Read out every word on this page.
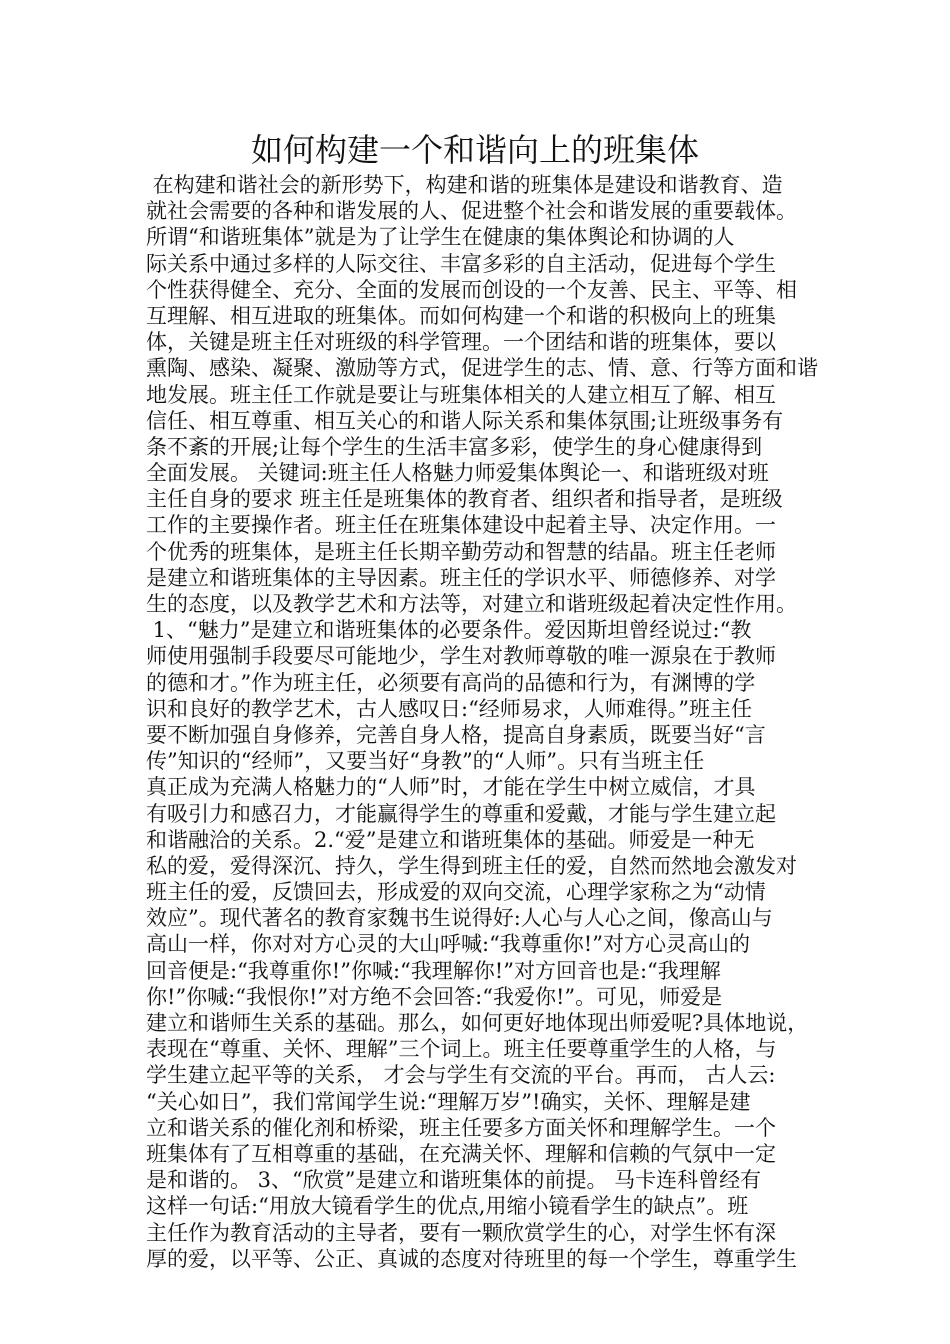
如何构建一个和谐向上的班集体
在构建和谐社会的新形势下，构建和谐的班集体是建设和谐教育、造
就社会需要的各种和谐发展的人、促进整个社会和谐发展的重要载体。
所谓“和谐班集体”就是为了让学生在健康的集体舆论和协调的人
际关系中通过多样的人际交往、丰富多彩的自主活动，促进每个学生
个性获得健全、充分、全面的发展而创设的一个友善、民主、平等、相
互理解、相互进取的班集体。而如何构建一个和谐的积极向上的班集
体，关键是班主任对班级的科学管理。一个团结和谐的班集体，要以
熏陶、感染、凝聚、激励等方式，促进学生的志、情、意、行等方面和谐
地发展。班主任工作就是要让与班集体相关的人建立相互了解、相互
信任、相互尊重、相互关心的和谐人际关系和集体氛围;让班级事务有
条不紊的开展;让每个学生的生活丰富多彩，使学生的身心健康得到
全面发展。 关键词:班主任人格魅力师爱集体舆论一、和谐班级对班
主任自身的要求 班主任是班集体的教育者、组织者和指导者，是班级
工作的主要操作者。班主任在班集体建设中起着主导、决定作用。一
个优秀的班集体，是班主任长期辛勤劳动和智慧的结晶。班主任老师
是建立和谐班集体的主导因素。班主任的学识水平、师德修养、对学
生的态度，以及教学艺术和方法等，对建立和谐班级起着决定性作用。
1、“魅力”是建立和谐班集体的必要条件。爱因斯坦曾经说过:“教
师使用强制手段要尽可能地少，学生对教师尊敬的唯一源泉在于教师
的德和才。”作为班主任，必须要有高尚的品德和行为，有渊博的学
识和良好的教学艺术，古人感叹日:“经师易求，人师难得。”班主任
要不断加强自身修养，完善自身人格，提高自身素质，既要当好“言
传”知识的“经师”，又要当好“身教”的“人师”。只有当班主任
真正成为充满人格魅力的“人师”时，才能在学生中树立威信，才具
有吸引力和感召力，才能赢得学生的尊重和爱戴，才能与学生建立起
和谐融洽的关系。2.“爱”是建立和谐班集体的基础。师爱是一种无
私的爱，爱得深沉、持久，学生得到班主任的爱，自然而然地会激发对
班主任的爱，反馈回去，形成爱的双向交流，心理学家称之为“动情
效应”。现代著名的教育家魏书生说得好:人心与人心之间，像高山与
高山一样，你对对方心灵的大山呼喊:“我尊重你!”对方心灵高山的
回音便是:“我尊重你!”你喊:“我理解你!”对方回音也是:“我理解
你!”你喊:“我恨你!”对方绝不会回答:“我爱你!”。可见，师爱是
建立和谐师生关系的基础。那么，如何更好地体现出师爱呢?具体地说，
表现在“尊重、关怀、理解”三个词上。班主任要尊重学生的人格，与
学生建立起平等的关系， 才会与学生有交流的平台。再而， 古人云:
“关心如日”，我们常闻学生说:“理解万岁”!确实，关怀、理解是建
立和谐关系的催化剂和桥梁，班主任要多方面关怀和理解学生。一个
班集体有了互相尊重的基础，在充满关怀、理解和信赖的气氛中一定
是和谐的。 3、“欣赏”是建立和谐班集体的前提。 马卡连科曾经有
这样一句话:“用放大镜看学生的优点,用缩小镜看学生的缺点”。班
主任作为教育活动的主导者，要有一颗欣赏学生的心，对学生怀有深
厚的爱，以平等、公正、真诚的态度对待班里的每一个学生，尊重学生
